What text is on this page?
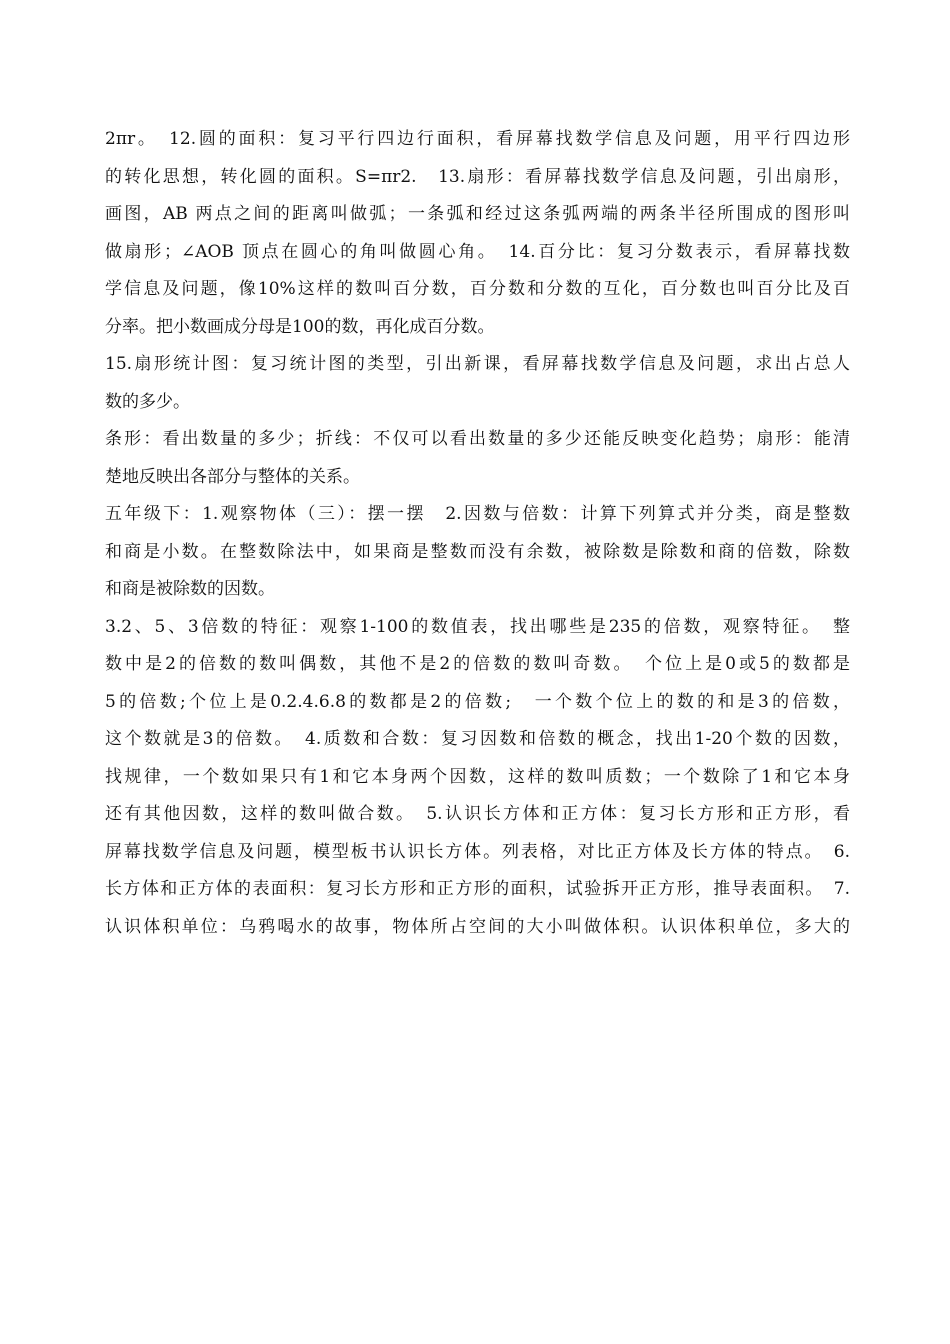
2πr。　12.圆的面积：复习平行四边行面积，看屏幕找数学信息及问题，用平行四边形
的转化思想，转化圆的面积。S=πr2.　13.扇形：看屏幕找数学信息及问题，引出扇形，
画图，AB 两点之间的距离叫做弧；一条弧和经过这条弧两端的两条半径所围成的图形叫
做扇形；∠AOB 顶点在圆心的角叫做圆心角。　14.百分比：复习分数表示，看屏幕找数
学信息及问题，像10%这样的数叫百分数，百分数和分数的互化，百分数也叫百分比及百
分率。把小数画成分母是100的数，再化成百分数。
15.扇形统计图：复习统计图的类型，引出新课，看屏幕找数学信息及问题，求出占总人
数的多少。
条形：看出数量的多少；折线：不仅可以看出数量的多少还能反映变化趋势；扇形：能清
楚地反映出各部分与整体的关系。
五年级下：1.观察物体（三）：摆一摆　2.因数与倍数：计算下列算式并分类，商是整数
和商是小数。在整数除法中，如果商是整数而没有余数，被除数是除数和商的倍数，除数
和商是被除数的因数。
3.2、5、3倍数的特征：观察1-100的数值表，找出哪些是235的倍数，观察特征。　整
数中是2的倍数的数叫偶数，其他不是2的倍数的数叫奇数。　个位上是0或5的数都是
5的倍数;个位上是0.2.4.6.8的数都是2的倍数;　一个数个位上的数的和是3的倍数，
这个数就是3的倍数。　4.质数和合数：复习因数和倍数的概念，找出1-20个数的因数，
找规律，一个数如果只有1和它本身两个因数，这样的数叫质数；一个数除了1和它本身
还有其他因数，这样的数叫做合数。　5.认识长方体和正方体：复习长方形和正方形，看
屏幕找数学信息及问题，模型板书认识长方体。列表格，对比正方体及长方体的特点。　6.
长方体和正方体的表面积：复习长方形和正方形的面积，试验拆开正方形，推导表面积。　7.
认识体积单位：乌鸦喝水的故事，物体所占空间的大小叫做体积。认识体积单位，多大的
